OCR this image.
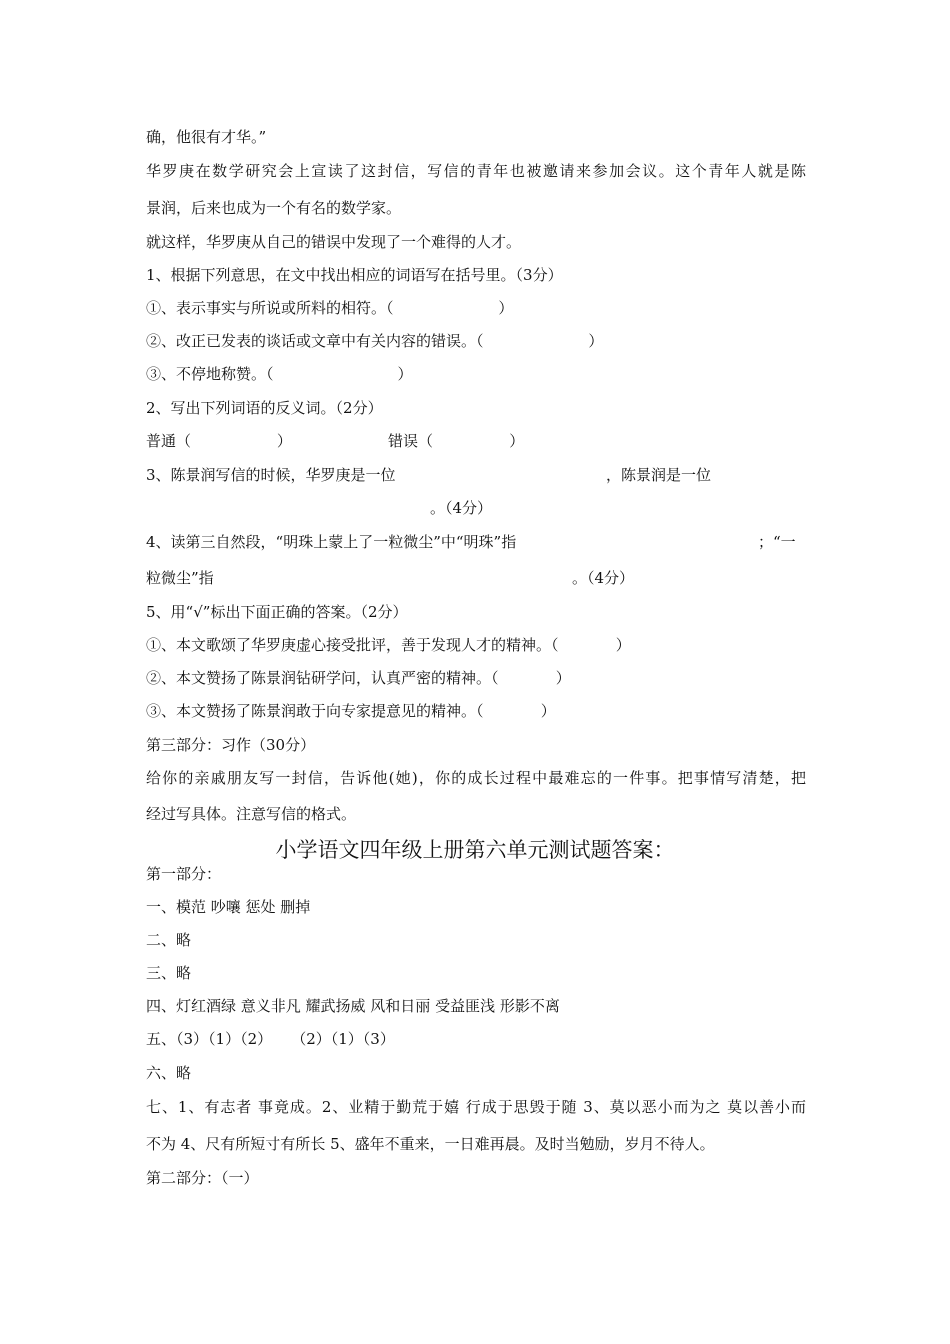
确，他很有才华。”
华罗庚在数学研究会上宣读了这封信，写信的青年也被邀请来参加会议。这个青年人就是陈
景润，后来也成为一个有名的数学家。
就这样，华罗庚从自己的错误中发现了一个难得的人才。
1、根据下列意思，在文中找出相应的词语写在括号里。（3分）
①、表示事实与所说或所料的相符。（                      ）
②、改正已发表的谈话或文章中有关内容的错误。（                      ）
③、不停地称赞。（                          ）
2、写出下列词语的反义词。（2分）
普通（                  ）	错误（                ）
3、陈景润写信的时候，华罗庚是一位	，陈景润是一位
。（4分）
4、读第三自然段，“明珠上蒙上了一粒微尘”中“明珠”指	；“一
粒微尘”指	。（4分）
5、用“√”标出下面正确的答案。（2分）
①、本文歌颂了华罗庚虚心接受批评，善于发现人才的精神。（            ）
②、本文赞扬了陈景润钻研学问，认真严密的精神。（            ）
③、本文赞扬了陈景润敢于向专家提意见的精神。（            ）
第三部分：习作（30分）
给你的亲戚朋友写一封信，告诉他(她)，你的成长过程中最难忘的一件事。把事情写清楚，把
经过写具体。注意写信的格式。
小学语文四年级上册第六单元测试题答案：
第一部分：
一、模范 吵嚷 惩处 删掉
二、略
三、略
四、灯红酒绿 意义非凡 耀武扬威 风和日丽 受益匪浅 形影不离
五、（3）（1）（2）    （2）（1）（3）
六、略
七、1、有志者 事竟成。2、业精于勤荒于嬉 行成于思毁于随 3、莫以恶小而为之 莫以善小而
不为 4、尺有所短寸有所长 5、盛年不重来，一日难再晨。及时当勉励，岁月不待人。
第二部分：（一）
